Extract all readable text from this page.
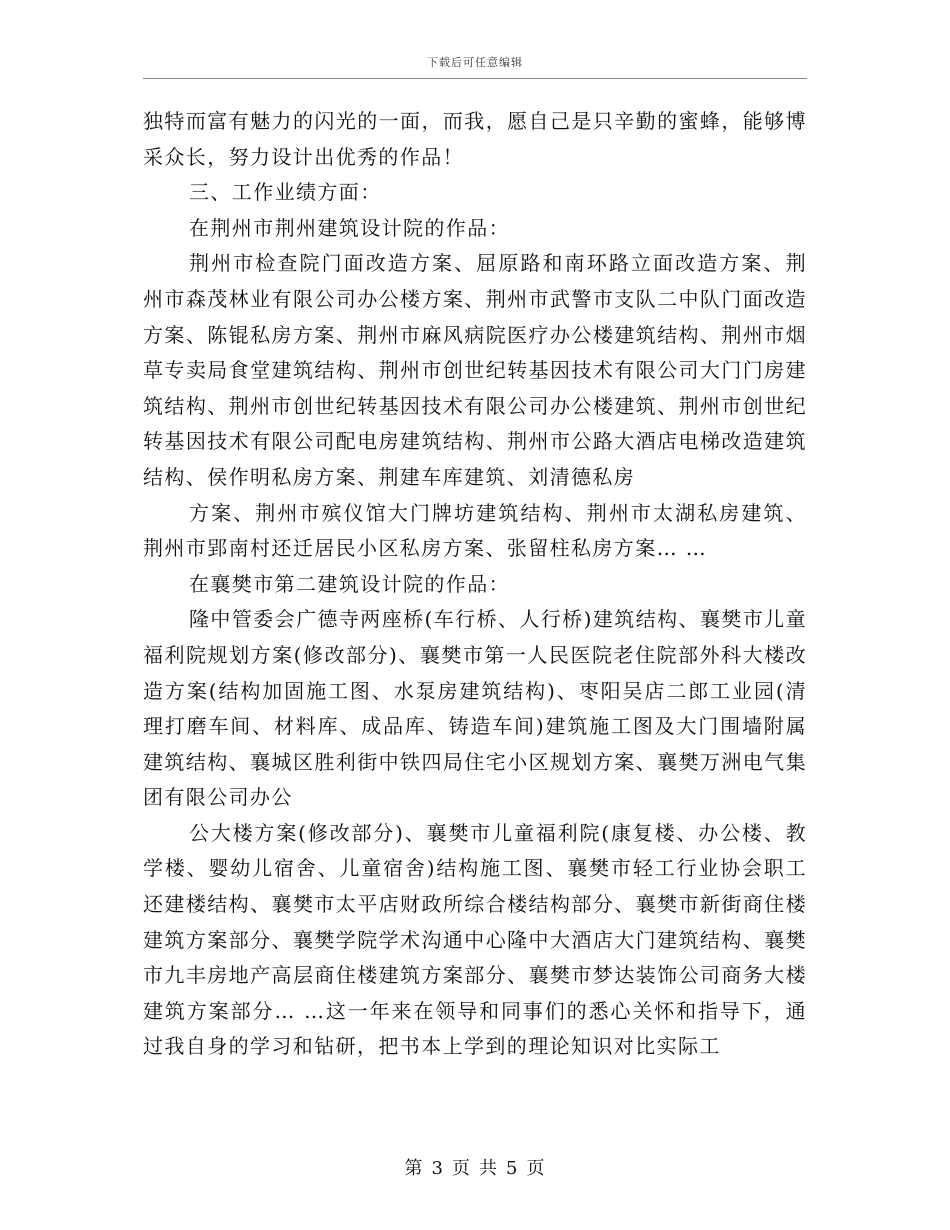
下载后可任意编辑

独特而富有魅力的闪光的一面，而我，愿自己是只辛勤的蜜蜂，能够博采众长，努力设计出优秀的作品！

三、工作业绩方面：

在荆州市荆州建筑设计院的作品：

荆州市检查院门面改造方案、屈原路和南环路立面改造方案、荆州市森茂林业有限公司办公楼方案、荆州市武警市支队二中队门面改造方案、陈锟私房方案、荆州市麻风病院医疗办公楼建筑结构、荆州市烟草专卖局食堂建筑结构、荆州市创世纪转基因技术有限公司大门门房建筑结构、荆州市创世纪转基因技术有限公司办公楼建筑、荆州市创世纪转基因技术有限公司配电房建筑结构、荆州市公路大酒店电梯改造建筑结构、侯作明私房方案、荆建车库建筑、刘清德私房

方案、荆州市殡仪馆大门牌坊建筑结构、荆州市太湖私房建筑、荆州市郢南村还迁居民小区私房方案、张留柱私房方案… …

在襄樊市第二建筑设计院的作品：

隆中管委会广德寺两座桥(车行桥、人行桥)建筑结构、襄樊市儿童福利院规划方案(修改部分)、襄樊市第一人民医院老住院部外科大楼改造方案(结构加固施工图、水泵房建筑结构)、枣阳吴店二郎工业园(清理打磨车间、材料库、成品库、铸造车间)建筑施工图及大门围墙附属建筑结构、襄城区胜利街中铁四局住宅小区规划方案、襄樊万洲电气集团有限公司办公

公大楼方案(修改部分)、襄樊市儿童福利院(康复楼、办公楼、教学楼、婴幼儿宿舍、儿童宿舍)结构施工图、襄樊市轻工行业协会职工还建楼结构、襄樊市太平店财政所综合楼结构部分、襄樊市新街商住楼建筑方案部分、襄樊学院学术沟通中心隆中大酒店大门建筑结构、襄樊市九丰房地产高层商住楼建筑方案部分、襄樊市梦达装饰公司商务大楼建筑方案部分… …这一年来在领导和同事们的悉心关怀和指导下，通过我自身的学习和钻研，把书本上学到的理论知识对比实际工

第 3 页 共 5 页
